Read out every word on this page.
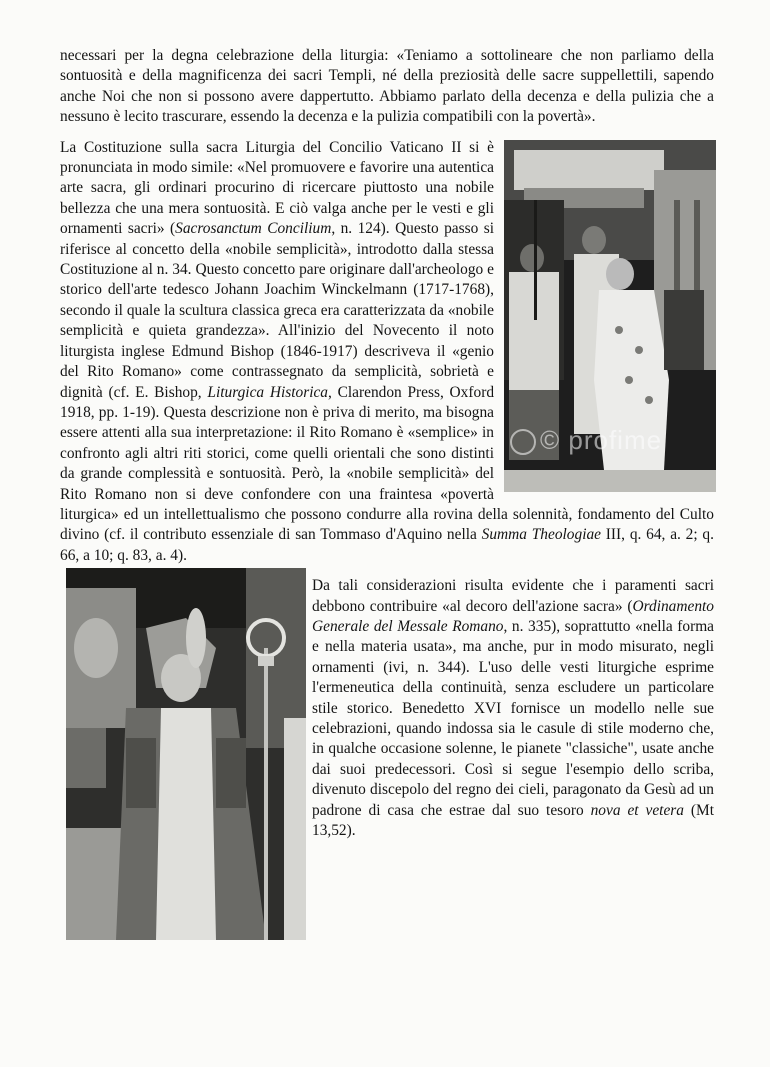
necessari per la degna celebrazione della liturgia: «Teniamo a sottolineare che non parliamo della sontuosità e della magnificenza dei sacri Templi, né della preziosità delle sacre suppellettili, sapendo anche Noi che non si possono avere dappertutto. Abbiamo parlato della decenza e della pulizia che a nessuno è lecito trascurare, essendo la decenza e la pulizia compatibili con la povertà».

© profime

La Costituzione sulla sacra Liturgia del Concilio Vaticano II si è pronunciata in modo simile: «Nel promuovere e favorire una autentica arte sacra, gli ordinari procurino di ricercare piuttosto una nobile bellezza che una mera sontuosità. E ciò valga anche per le vesti e gli ornamenti sacri» (Sacrosanctum Concilium, n. 124). Questo passo si riferisce al concetto della «nobile semplicità», introdotto dalla stessa Costituzione al n. 34. Questo concetto pare originare dall'archeologo e storico dell'arte tedesco Johann Joachim Winckelmann (1717-1768), secondo il quale la scultura classica greca era caratterizzata da «nobile semplicità e quieta grandezza». All'inizio del Novecento il noto liturgista inglese Edmund Bishop (1846-1917) descriveva il «genio del Rito Romano» come contrassegnato da semplicità, sobrietà e dignità (cf. E. Bishop, Liturgica Historica, Clarendon Press, Oxford 1918, pp. 1-19). Questa descrizione non è priva di merito, ma bisogna essere attenti alla sua interpretazione: il Rito Romano è «semplice» in confronto agli altri riti storici, come quelli orientali che sono distinti da grande complessità e sontuosità. Però, la «nobile semplicità» del Rito Romano non si deve confondere con una fraintesa «povertà liturgica» ed un intellettualismo che possono condurre alla rovina della solennità, fondamento del Culto divino (cf. il contributo essenziale di san Tommaso d'Aquino nella Summa Theologiae III, q. 64, a. 2; q. 66, a 10; q. 83, a. 4).

Da tali considerazioni risulta evidente che i paramenti sacri debbono contribuire «al decoro dell'azione sacra» (Ordinamento Generale del Messale Romano, n. 335), soprattutto «nella forma e nella materia usata», ma anche, pur in modo misurato, negli ornamenti (ivi, n. 344). L'uso delle vesti liturgiche esprime l'ermeneutica della continuità, senza escludere un particolare stile storico. Benedetto XVI fornisce un modello nelle sue celebrazioni, quando indossa sia le casule di stile moderno che, in qualche occasione solenne, le pianete "classiche", usate anche dai suoi predecessori. Così si segue l'esempio dello scriba, divenuto discepolo del regno dei cieli, paragonato da Gesù ad un padrone di casa che estrae dal suo tesoro nova et vetera (Mt 13,52).
